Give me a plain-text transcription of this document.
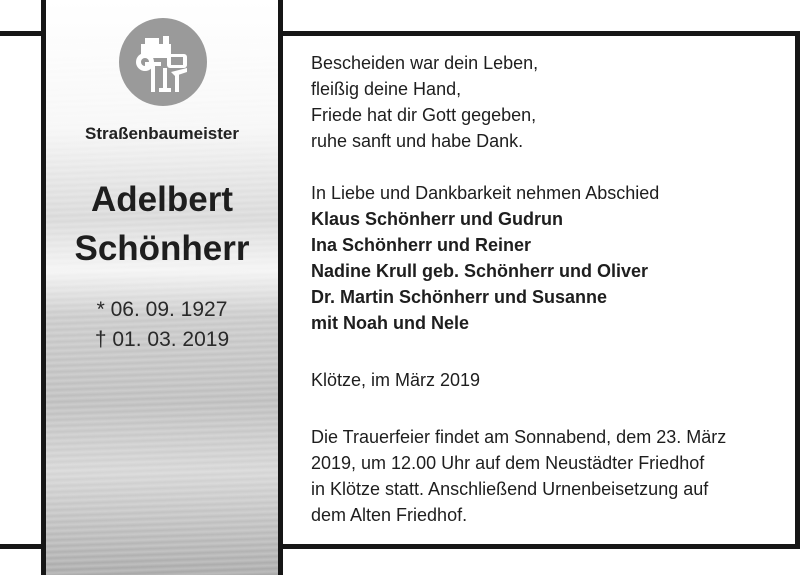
Straßenbaumeister
Adelbert
Schönherr
* 06. 09. 1927
† 01. 03. 2019
Bescheiden war dein Leben,
fleißig deine Hand,
Friede hat dir Gott gegeben,
ruhe sanft und habe Dank.
In Liebe und Dankbarkeit nehmen Abschied
Klaus Schönherr und Gudrun
Ina Schönherr und Reiner
Nadine Krull geb. Schönherr und Oliver
Dr. Martin Schönherr und Susanne
mit Noah und Nele
Klötze, im März 2019
Die Trauerfeier findet am Sonnabend, dem 23. März
2019, um 12.00 Uhr auf dem Neustädter Friedhof
in Klötze statt. Anschließend Urnenbeisetzung auf
dem Alten Friedhof.
